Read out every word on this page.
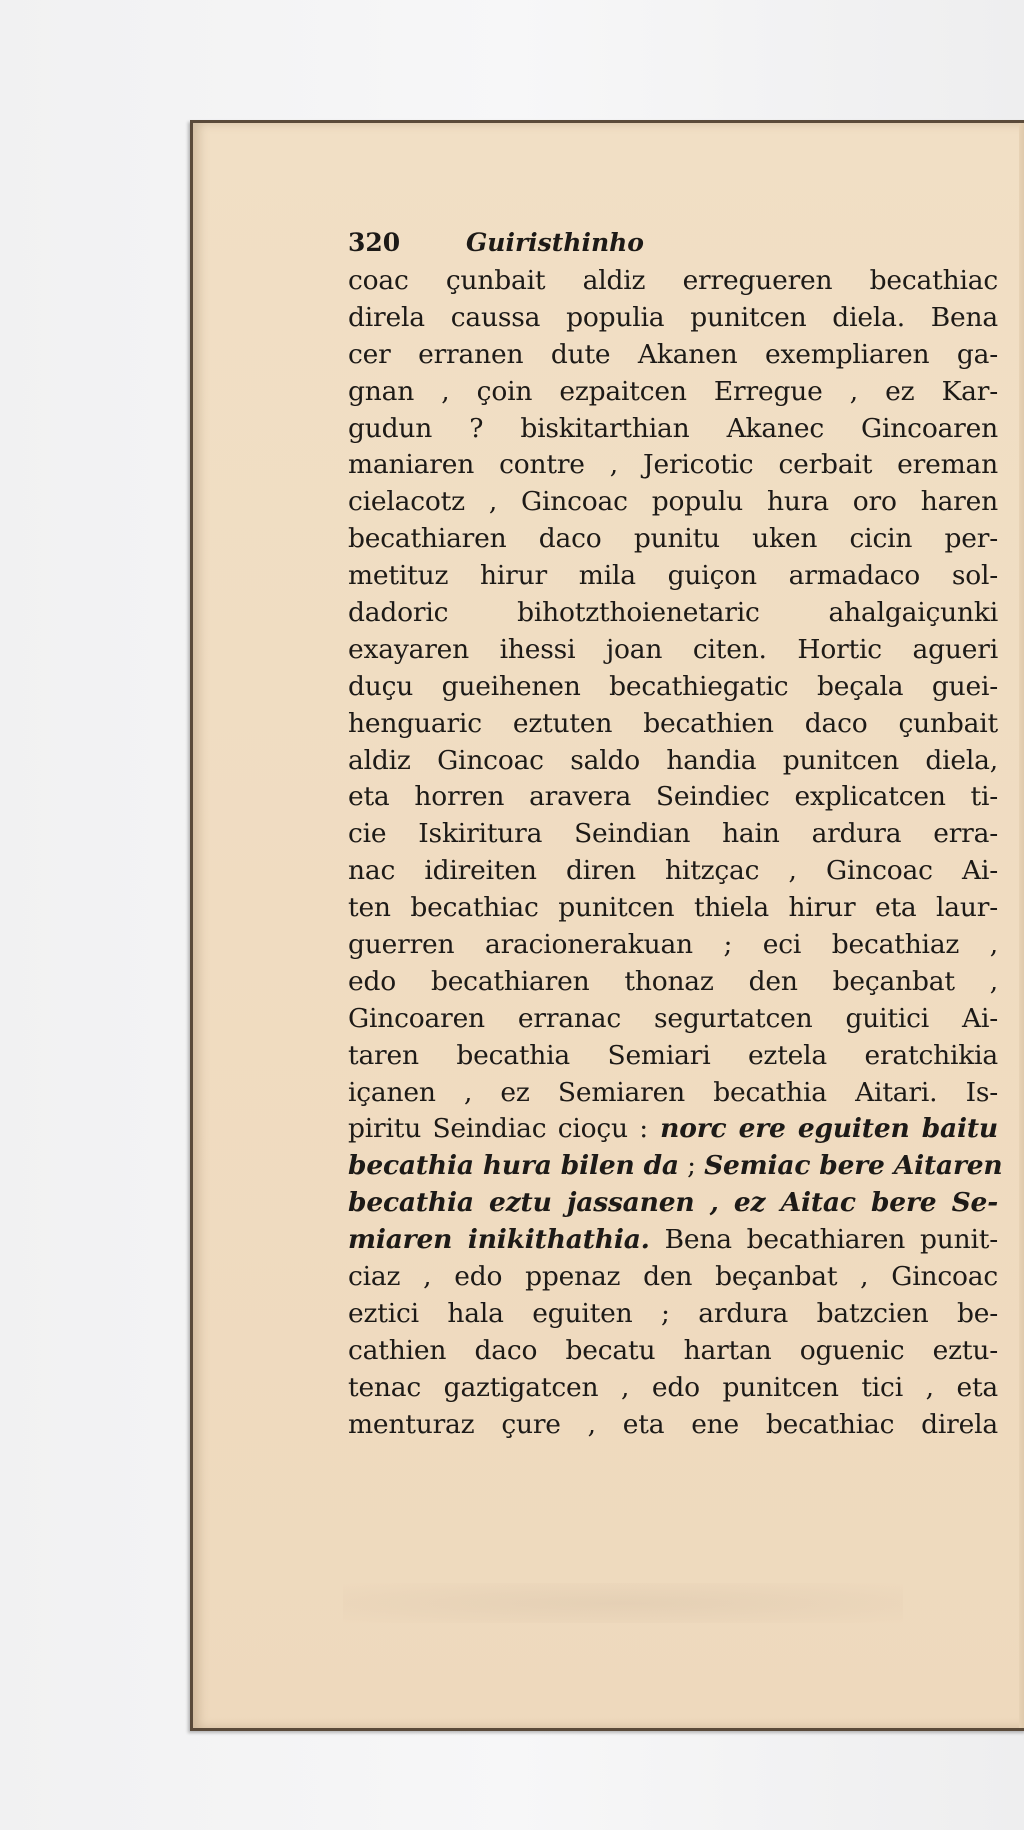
320	Guiristhinho
coac çunbait aldiz erregueren becathiac
direla caussa populia punitcen diela. Bena
cer erranen dute Akanen exempliaren ga-
gnan , çoin ezpaitcen Erregue , ez Kar-
gudun ? biskitarthian Akanec Gincoaren
maniaren contre , Jericotic cerbait ereman
cielacotz , Gincoac populu hura oro haren
becathiaren daco punitu uken cicin per-
metituz hirur mila guiçon armadaco sol-
dadoric bihotzthoienetaric ahalgaiçunki
exayaren ihessi joan citen. Hortic agueri
duçu gueihenen becathiegatic beçala guei-
henguaric eztuten becathien daco çunbait
aldiz Gincoac saldo handia punitcen diela,
eta horren aravera Seindiec explicatcen ti-
cie Iskiritura Seindian hain ardura erra-
nac idireiten diren hitzçac , Gincoac Ai-
ten becathiac punitcen thiela hirur eta laur-
guerren aracionerakuan ; eci becathiaz ,
edo becathiaren thonaz den beçanbat ,
Gincoaren erranac segurtatcen guitici Ai-
taren becathia Semiari eztela eratchikia
içanen , ez Semiaren becathia Aitari. Is-
piritu Seindiac cioçu : norc ere eguiten baitu
becathia hura bilen da ; Semiac bere Aitaren
becathia eztu jassanen , ez Aitac bere Se-
miaren inikithathia. Bena becathiaren punit-
ciaz , edo ppenaz den beçanbat , Gincoac
eztici hala eguiten ; ardura batzcien be-
cathien daco becatu hartan oguenic eztu-
tenac gaztigatcen , edo punitcen tici , eta
menturaz çure , eta ene becathiac direla
